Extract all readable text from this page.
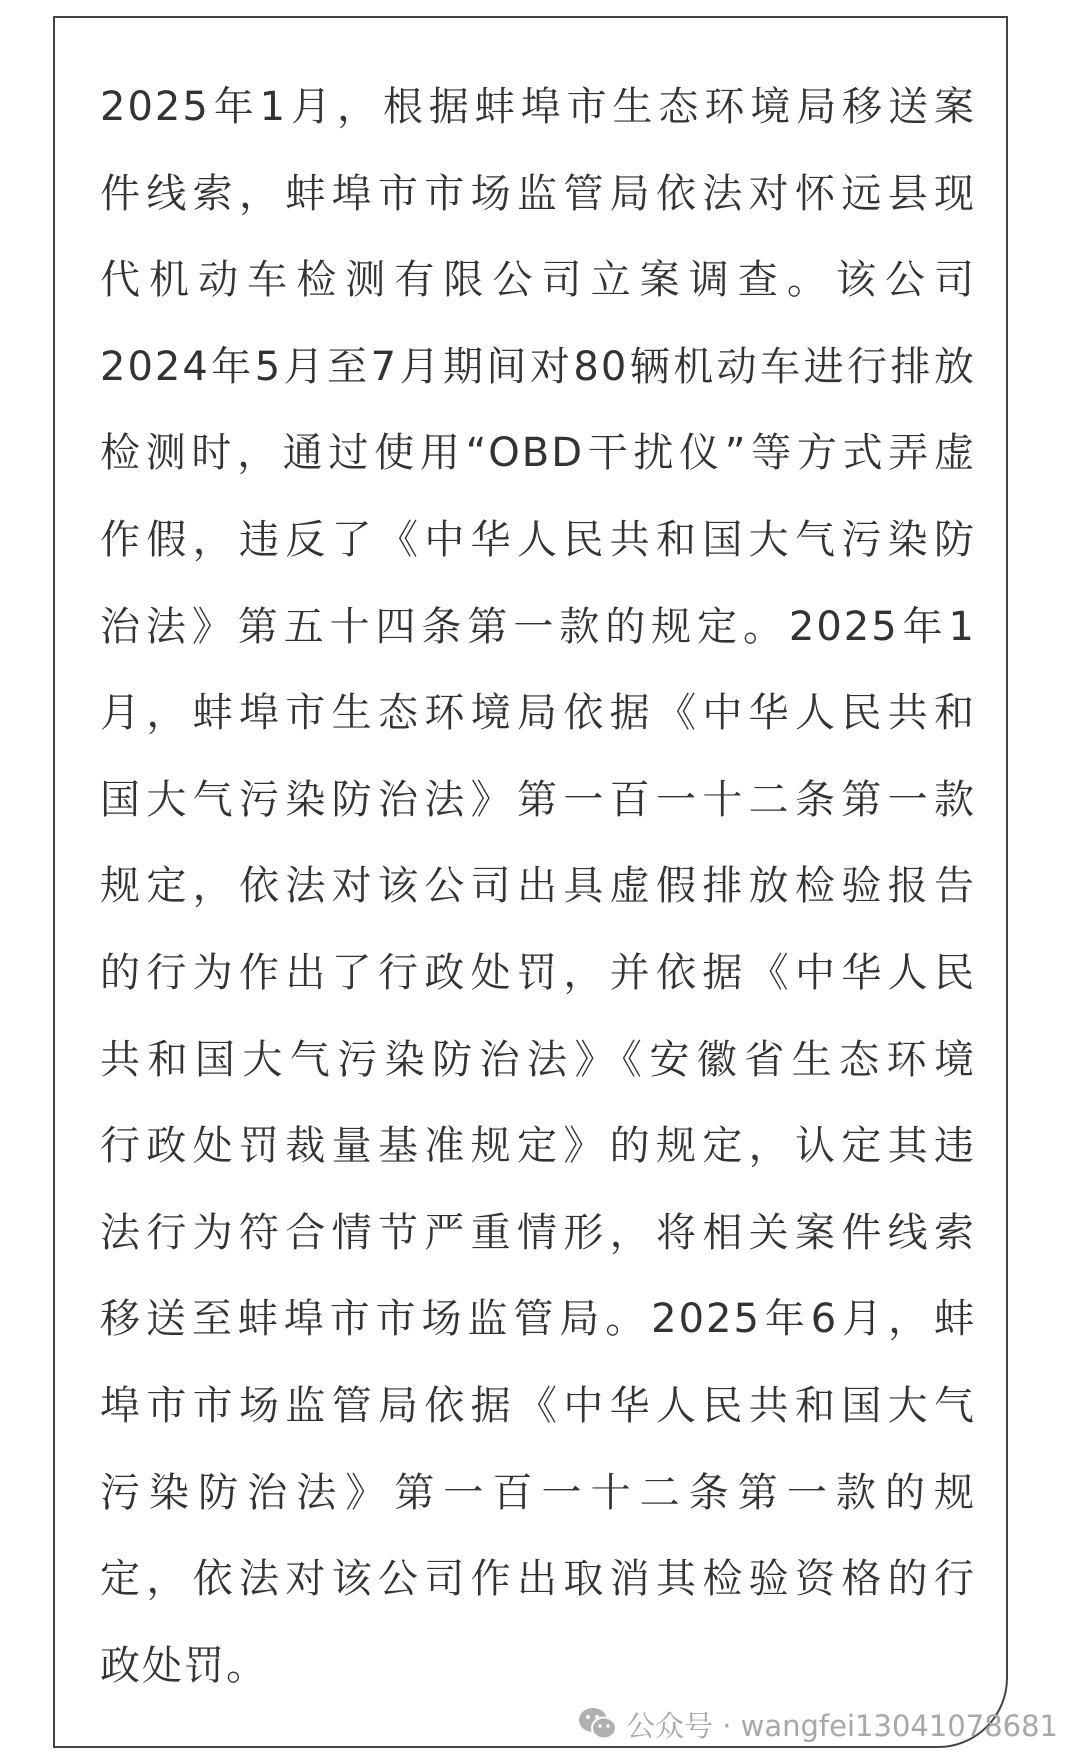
2025年1月，根据蚌埠市生态环境局移送案
件线索，蚌埠市市场监管局依法对怀远县现
代机动车检测有限公司立案调查。该公司
2024年5月至7月期间对80辆机动车进行排放
检测时，通过使用“OBD干扰仪”等方式弄虚
作假，违反了《中华人民共和国大气污染防
治法》第五十四条第一款的规定。2025年1
月，蚌埠市生态环境局依据《中华人民共和
国大气污染防治法》第一百一十二条第一款
规定，依法对该公司出具虚假排放检验报告
的行为作出了行政处罚，并依据《中华人民
共和国大气污染防治法》《安徽省生态环境
行政处罚裁量基准规定》的规定，认定其违
法行为符合情节严重情形，将相关案件线索
移送至蚌埠市市场监管局。2025年6月，蚌
埠市市场监管局依据《中华人民共和国大气
污染防治法》第一百一十二条第一款的规
定，依法对该公司作出取消其检验资格的行
政处罚。
公众号 · wangfei13041078681
